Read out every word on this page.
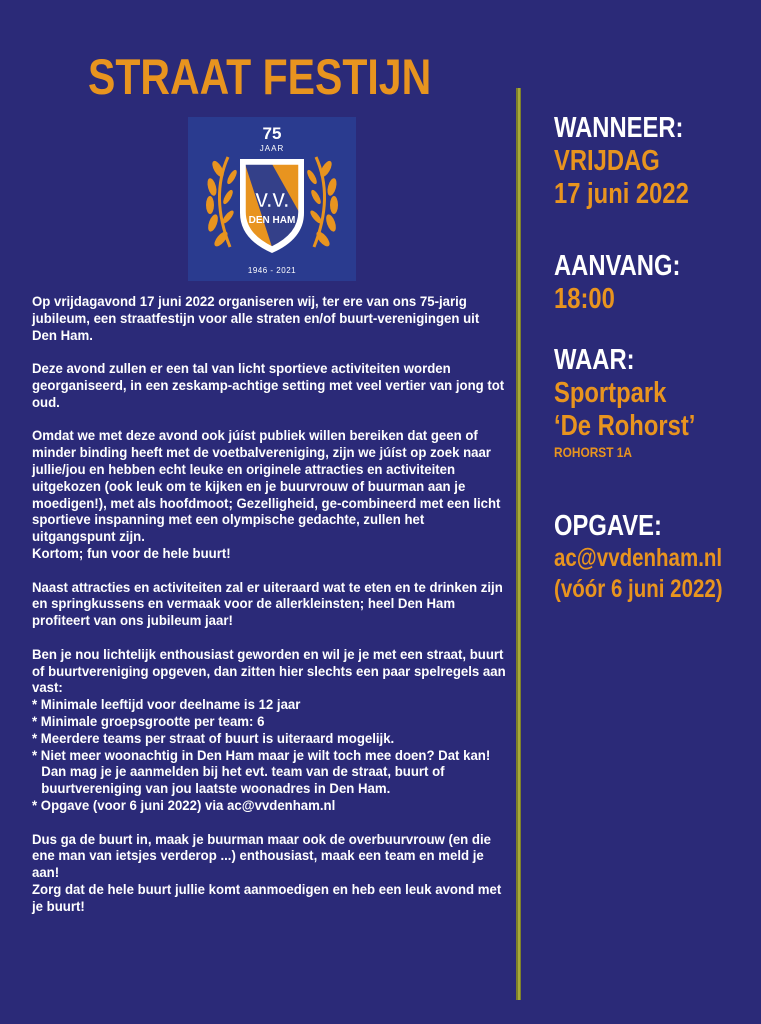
STRAAT FESTIJN
75
JAAR
V.V.
DEN HAM
1946 - 2021

Op vrijdagavond 17 juni 2022 organiseren wij, ter ere van ons 75-jarig jubileum, een straatfestijn voor alle straten en/of buurt-verenigingen uit Den Ham.

Deze avond zullen er een tal van licht sportieve activiteiten worden georganiseerd, in een zeskamp-achtige setting met veel vertier van jong tot oud.

Omdat we met deze avond ook júíst publiek willen bereiken dat geen of minder binding heeft met de voetbalvereniging, zijn we júíst op zoek naar jullie/jou en hebben echt leuke en originele attracties en activiteiten uitgekozen (ook leuk om te kijken en je buurvrouw of buurman aan je moedigen!), met als hoofdmoot; Gezelligheid, ge-combineerd met een licht sportieve inspanning met een olympische gedachte, zullen het uitgangspunt zijn.

Kortom; fun voor de hele buurt!

Naast attracties en activiteiten zal er uiteraard wat te eten en te drinken zijn en springkussens en vermaak voor de allerkleinsten; heel Den Ham profiteert van ons jubileum jaar!

Ben je nou lichtelijk enthousiast geworden en wil je je met een straat, buurt of buurtvereniging opgeven, dan zitten hier slechts een paar spelregels aan vast:

* Minimale leeftijd voor deelname is 12 jaar
* Minimale groepsgrootte per team: 6
* Meerdere teams per straat of buurt is uiteraard mogelijk.
* Niet meer woonachtig in Den Ham maar je wilt toch mee doen? Dat kan! Dan mag je je aanmelden bij het evt. team van de straat, buurt of buurtvereniging van jou laatste woonadres in Den Ham.
* Opgave (voor 6 juni 2022) via ac@vvdenham.nl

Dus ga de buurt in, maak je buurman maar ook de overbuurvrouw (en die ene man van ietsjes verderop ...) enthousiast, maak een team en meld je aan!

Zorg dat de hele buurt jullie komt aanmoedigen en heb een leuk avond met je buurt!

WANNEER:
VRIJDAG
17 juni 2022
AANVANG:
18:00
WAAR:
Sportpark
‘De Rohorst’
ROHORST 1A
OPGAVE:
ac@vvdenham.nl
(vóór 6 juni 2022)
